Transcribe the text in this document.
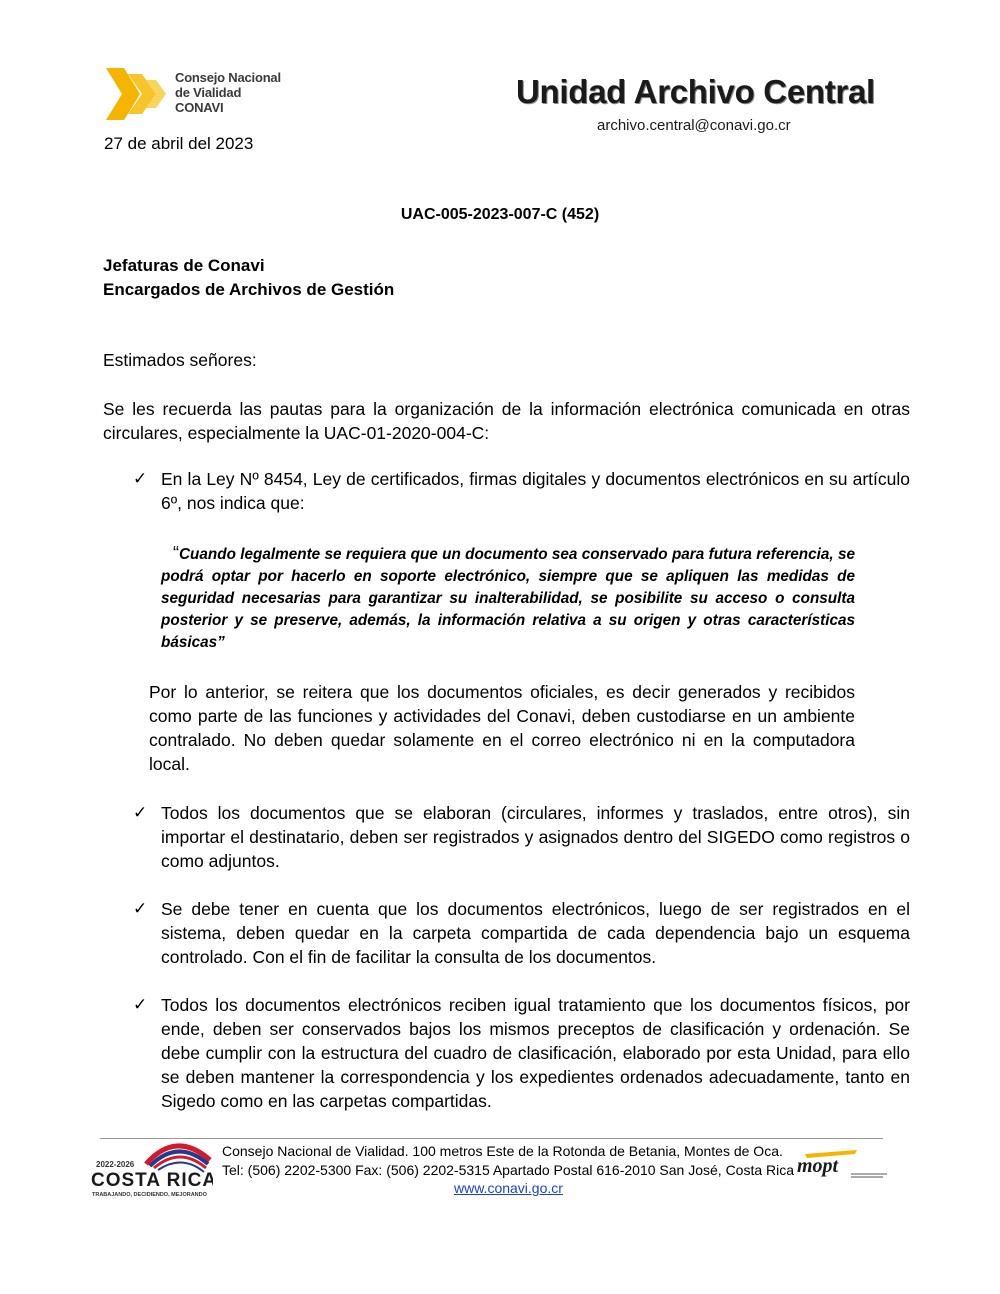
Consejo Nacional
de Vialidad
CONAVI
27 de abril del 2023
Unidad Archivo Central
archivo.central@conavi.go.cr
UAC-005-2023-007-C (452)
Jefaturas de Conavi
Encargados de Archivos de Gestión
Estimados señores:
Se les recuerda las pautas para la organización de la información electrónica comunicada en otras circulares, especialmente la UAC-01-2020-004-C:
✓ En la Ley Nº 8454, Ley de certificados, firmas digitales y documentos electrónicos en su artículo 6º, nos indica que:
“Cuando legalmente se requiera que un documento sea conservado para futura referencia, se podrá optar por hacerlo en soporte electrónico, siempre que se apliquen las medidas de seguridad necesarias para garantizar su inalterabilidad, se posibilite su acceso o consulta posterior y se preserve, además, la información relativa a su origen y otras características básicas”
Por lo anterior, se reitera que los documentos oficiales, es decir generados y recibidos como parte de las funciones y actividades del Conavi, deben custodiarse en un ambiente contralado. No deben quedar solamente en el correo electrónico ni en la computadora local.
✓ Todos los documentos que se elaboran (circulares, informes y traslados, entre otros), sin importar el destinatario, deben ser registrados y asignados dentro del SIGEDO como registros o como adjuntos.
✓ Se debe tener en cuenta que los documentos electrónicos, luego de ser registrados en el sistema, deben quedar en la carpeta compartida de cada dependencia bajo un esquema controlado. Con el fin de facilitar la consulta de los documentos.
✓ Todos los documentos electrónicos reciben igual tratamiento que los documentos físicos, por ende, deben ser conservados bajos los mismos preceptos de clasificación y ordenación. Se debe cumplir con la estructura del cuadro de clasificación, elaborado por esta Unidad, para ello se deben mantener la correspondencia y los expedientes ordenados adecuadamente, tanto en Sigedo como en las carpetas compartidas.
2022-2026
COSTA RICA
TRABAJANDO, DECIDIENDO, MEJORANDO
Consejo Nacional de Vialidad. 100 metros Este de la Rotonda de Betania, Montes de Oca.
Tel: (506) 2202-5300 Fax: (506) 2202-5315 Apartado Postal 616-2010 San José, Costa Rica
www.conavi.go.cr
mopt
